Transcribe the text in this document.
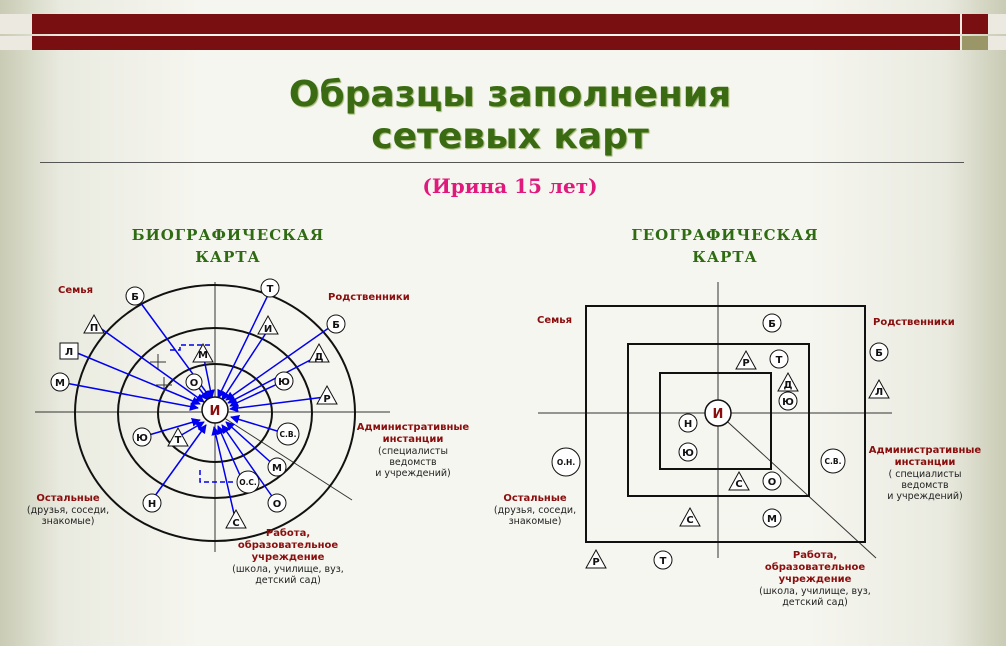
Образцы заполнения
сетевых карт
(Ирина 15 лет)
БИОГРАФИЧЕСКАЯ
КАРТА
И
Б
Т
Б
П	И
Д
Л
М	О	Ю
Р
М
С.В.
Ю	Т
М
О.С.
Н	О
С
Семья
Родственники
Административные
инстанции
(специалисты
ведомств
и учреждений)
Остальные
(друзья, соседи,
знакомые)
Работа,
образовательное
учреждение
(школа, училище, вуз,
детский сад)
ГЕОГРАФИЧЕСКАЯ
КАРТА
И
Б
Б
Р	Т
Д
Ю
Л
Н
Ю
О.Н.	С.В.
С	О
С	М
Р	Т
Семья	Родственники
Административные
инстанции
( специалисты
ведомств
и учреждений)
Остальные
(друзья, соседи,
знакомые)
Работа,
образовательное
учреждение
(школа, училище, вуз,
детский сад)
